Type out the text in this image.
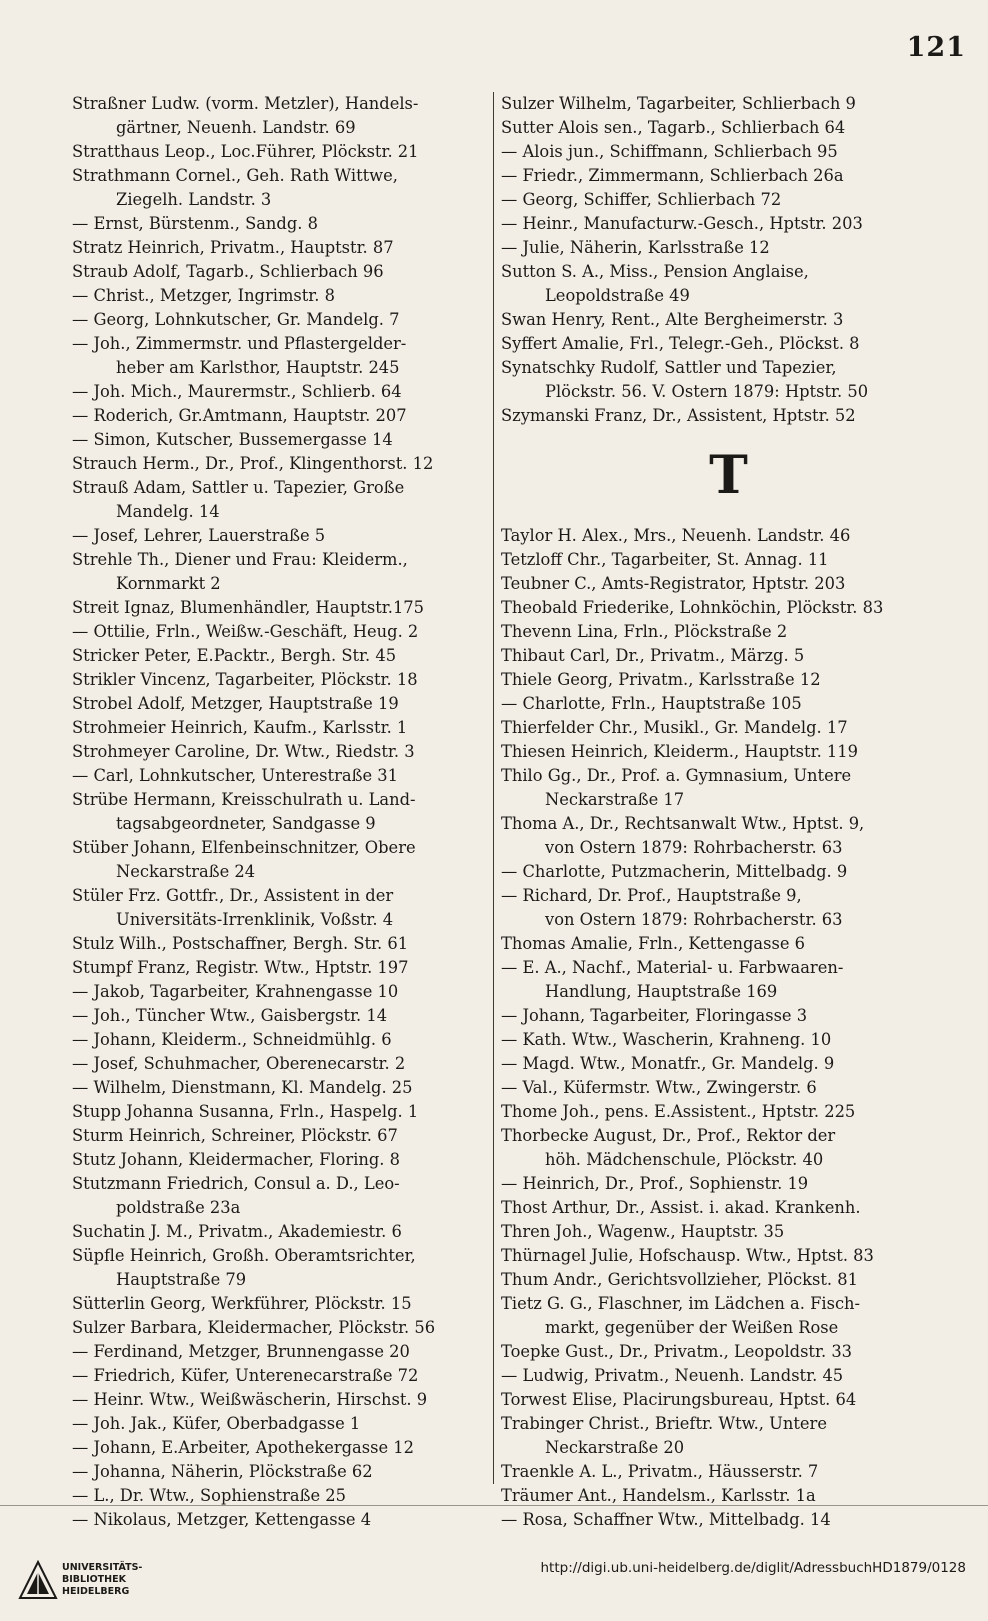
121
Straßner Ludw. (vorm. Metzler), Handels-
gärtner, Neuenh. Landstr. 69
Stratthaus Leop., Loc.Führer, Plöckstr. 21
Strathmann Cornel., Geh. Rath Wittwe,
Ziegelh. Landstr. 3
— Ernst, Bürstenm., Sandg. 8
Stratz Heinrich, Privatm., Hauptstr. 87
Straub Adolf, Tagarb., Schlierbach 96
— Christ., Metzger, Ingrimstr. 8
— Georg, Lohnkutscher, Gr. Mandelg. 7
— Joh., Zimmermstr. und Pflastergelder-
heber am Karlsthor, Hauptstr. 245
— Joh. Mich., Maurermstr., Schlierb. 64
— Roderich, Gr.Amtmann, Hauptstr. 207
— Simon, Kutscher, Bussemergasse 14
Strauch Herm., Dr., Prof., Klingenthorst. 12
Strauß Adam, Sattler u. Tapezier, Große
Mandelg. 14
— Josef, Lehrer, Lauerstraße 5
Strehle Th., Diener und Frau: Kleiderm.,
Kornmarkt 2
Streit Ignaz, Blumenhändler, Hauptstr.175
— Ottilie, Frln., Weißw.-Geschäft, Heug. 2
Stricker Peter, E.Packtr., Bergh. Str. 45
Strikler Vincenz, Tagarbeiter, Plöckstr. 18
Strobel Adolf, Metzger, Hauptstraße 19
Strohmeier Heinrich, Kaufm., Karlsstr. 1
Strohmeyer Caroline, Dr. Wtw., Riedstr. 3
— Carl, Lohnkutscher, Unterestraße 31
Strübe Hermann, Kreisschulrath u. Land-
tagsabgeordneter, Sandgasse 9
Stüber Johann, Elfenbeinschnitzer, Obere
Neckarstraße 24
Stüler Frz. Gottfr., Dr., Assistent in der
Universitäts-Irrenklinik, Voßstr. 4
Stulz Wilh., Postschaffner, Bergh. Str. 61
Stumpf Franz, Registr. Wtw., Hptstr. 197
— Jakob, Tagarbeiter, Krahnengasse 10
— Joh., Tüncher Wtw., Gaisbergstr. 14
— Johann, Kleiderm., Schneidmühlg. 6
— Josef, Schuhmacher, Oberenecarstr. 2
— Wilhelm, Dienstmann, Kl. Mandelg. 25
Stupp Johanna Susanna, Frln., Haspelg. 1
Sturm Heinrich, Schreiner, Plöckstr. 67
Stutz Johann, Kleidermacher, Floring. 8
Stutzmann Friedrich, Consul a. D., Leo-
poldstraße 23a
Suchatin J. M., Privatm., Akademiestr. 6
Süpfle Heinrich, Großh. Oberamtsrichter,
Hauptstraße 79
Sütterlin Georg, Werkführer, Plöckstr. 15
Sulzer Barbara, Kleidermacher, Plöckstr. 56
— Ferdinand, Metzger, Brunnengasse 20
— Friedrich, Küfer, Unterenecarstraße 72
— Heinr. Wtw., Weißwäscherin, Hirschst. 9
— Joh. Jak., Küfer, Oberbadgasse 1
— Johann, E.Arbeiter, Apothekergasse 12
— Johanna, Näherin, Plöckstraße 62
— L., Dr. Wtw., Sophienstraße 25
— Nikolaus, Metzger, Kettengasse 4
Sulzer Wilhelm, Tagarbeiter, Schlierbach 9
Sutter Alois sen., Tagarb., Schlierbach 64
— Alois jun., Schiffmann, Schlierbach 95
— Friedr., Zimmermann, Schlierbach 26a
— Georg, Schiffer, Schlierbach 72
— Heinr., Manufacturw.-Gesch., Hptstr. 203
— Julie, Näherin, Karlsstraße 12
Sutton S. A., Miss., Pension Anglaise,
Leopoldstraße 49
Swan Henry, Rent., Alte Bergheimerstr. 3
Syffert Amalie, Frl., Telegr.-Geh., Plöckst. 8
Synatschky Rudolf, Sattler und Tapezier,
Plöckstr. 56. V. Ostern 1879: Hptstr. 50
Szymanski Franz, Dr., Assistent, Hptstr. 52
T
Taylor H. Alex., Mrs., Neuenh. Landstr. 46
Tetzloff Chr., Tagarbeiter, St. Annag. 11
Teubner C., Amts-Registrator, Hptstr. 203
Theobald Friederike, Lohnköchin, Plöckstr. 83
Thevenn Lina, Frln., Plöckstraße 2
Thibaut Carl, Dr., Privatm., Märzg. 5
Thiele Georg, Privatm., Karlsstraße 12
— Charlotte, Frln., Hauptstraße 105
Thierfelder Chr., Musikl., Gr. Mandelg. 17
Thiesen Heinrich, Kleiderm., Hauptstr. 119
Thilo Gg., Dr., Prof. a. Gymnasium, Untere
Neckarstraße 17
Thoma A., Dr., Rechtsanwalt Wtw., Hptst. 9,
von Ostern 1879: Rohrbacherstr. 63
— Charlotte, Putzmacherin, Mittelbadg. 9
— Richard, Dr. Prof., Hauptstraße 9,
von Ostern 1879: Rohrbacherstr. 63
Thomas Amalie, Frln., Kettengasse 6
— E. A., Nachf., Material- u. Farbwaaren-
Handlung, Hauptstraße 169
— Johann, Tagarbeiter, Floringasse 3
— Kath. Wtw., Wascherin, Krahneng. 10
— Magd. Wtw., Monatfr., Gr. Mandelg. 9
— Val., Küfermstr. Wtw., Zwingerstr. 6
Thome Joh., pens. E.Assistent., Hptstr. 225
Thorbecke August, Dr., Prof., Rektor der
höh. Mädchenschule, Plöckstr. 40
— Heinrich, Dr., Prof., Sophienstr. 19
Thost Arthur, Dr., Assist. i. akad. Krankenh.
Thren Joh., Wagenw., Hauptstr. 35
Thürnagel Julie, Hofschausp. Wtw., Hptst. 83
Thum Andr., Gerichtsvollzieher, Plöckst. 81
Tietz G. G., Flaschner, im Lädchen a. Fisch-
markt, gegenüber der Weißen Rose
Toepke Gust., Dr., Privatm., Leopoldstr. 33
— Ludwig, Privatm., Neuenh. Landstr. 45
Torwest Elise, Placirungsbureau, Hptst. 64
Trabinger Christ., Brieftr. Wtw., Untere
Neckarstraße 20
Traenkle A. L., Privatm., Häusserstr. 7
Träumer Ant., Handelsm., Karlsstr. 1a
— Rosa, Schaffner Wtw., Mittelbadg. 14
UNIVERSITÄTS-
BIBLIOTHEK
HEIDELBERG
http://digi.ub.uni-heidelberg.de/diglit/AdressbuchHD1879/0128
